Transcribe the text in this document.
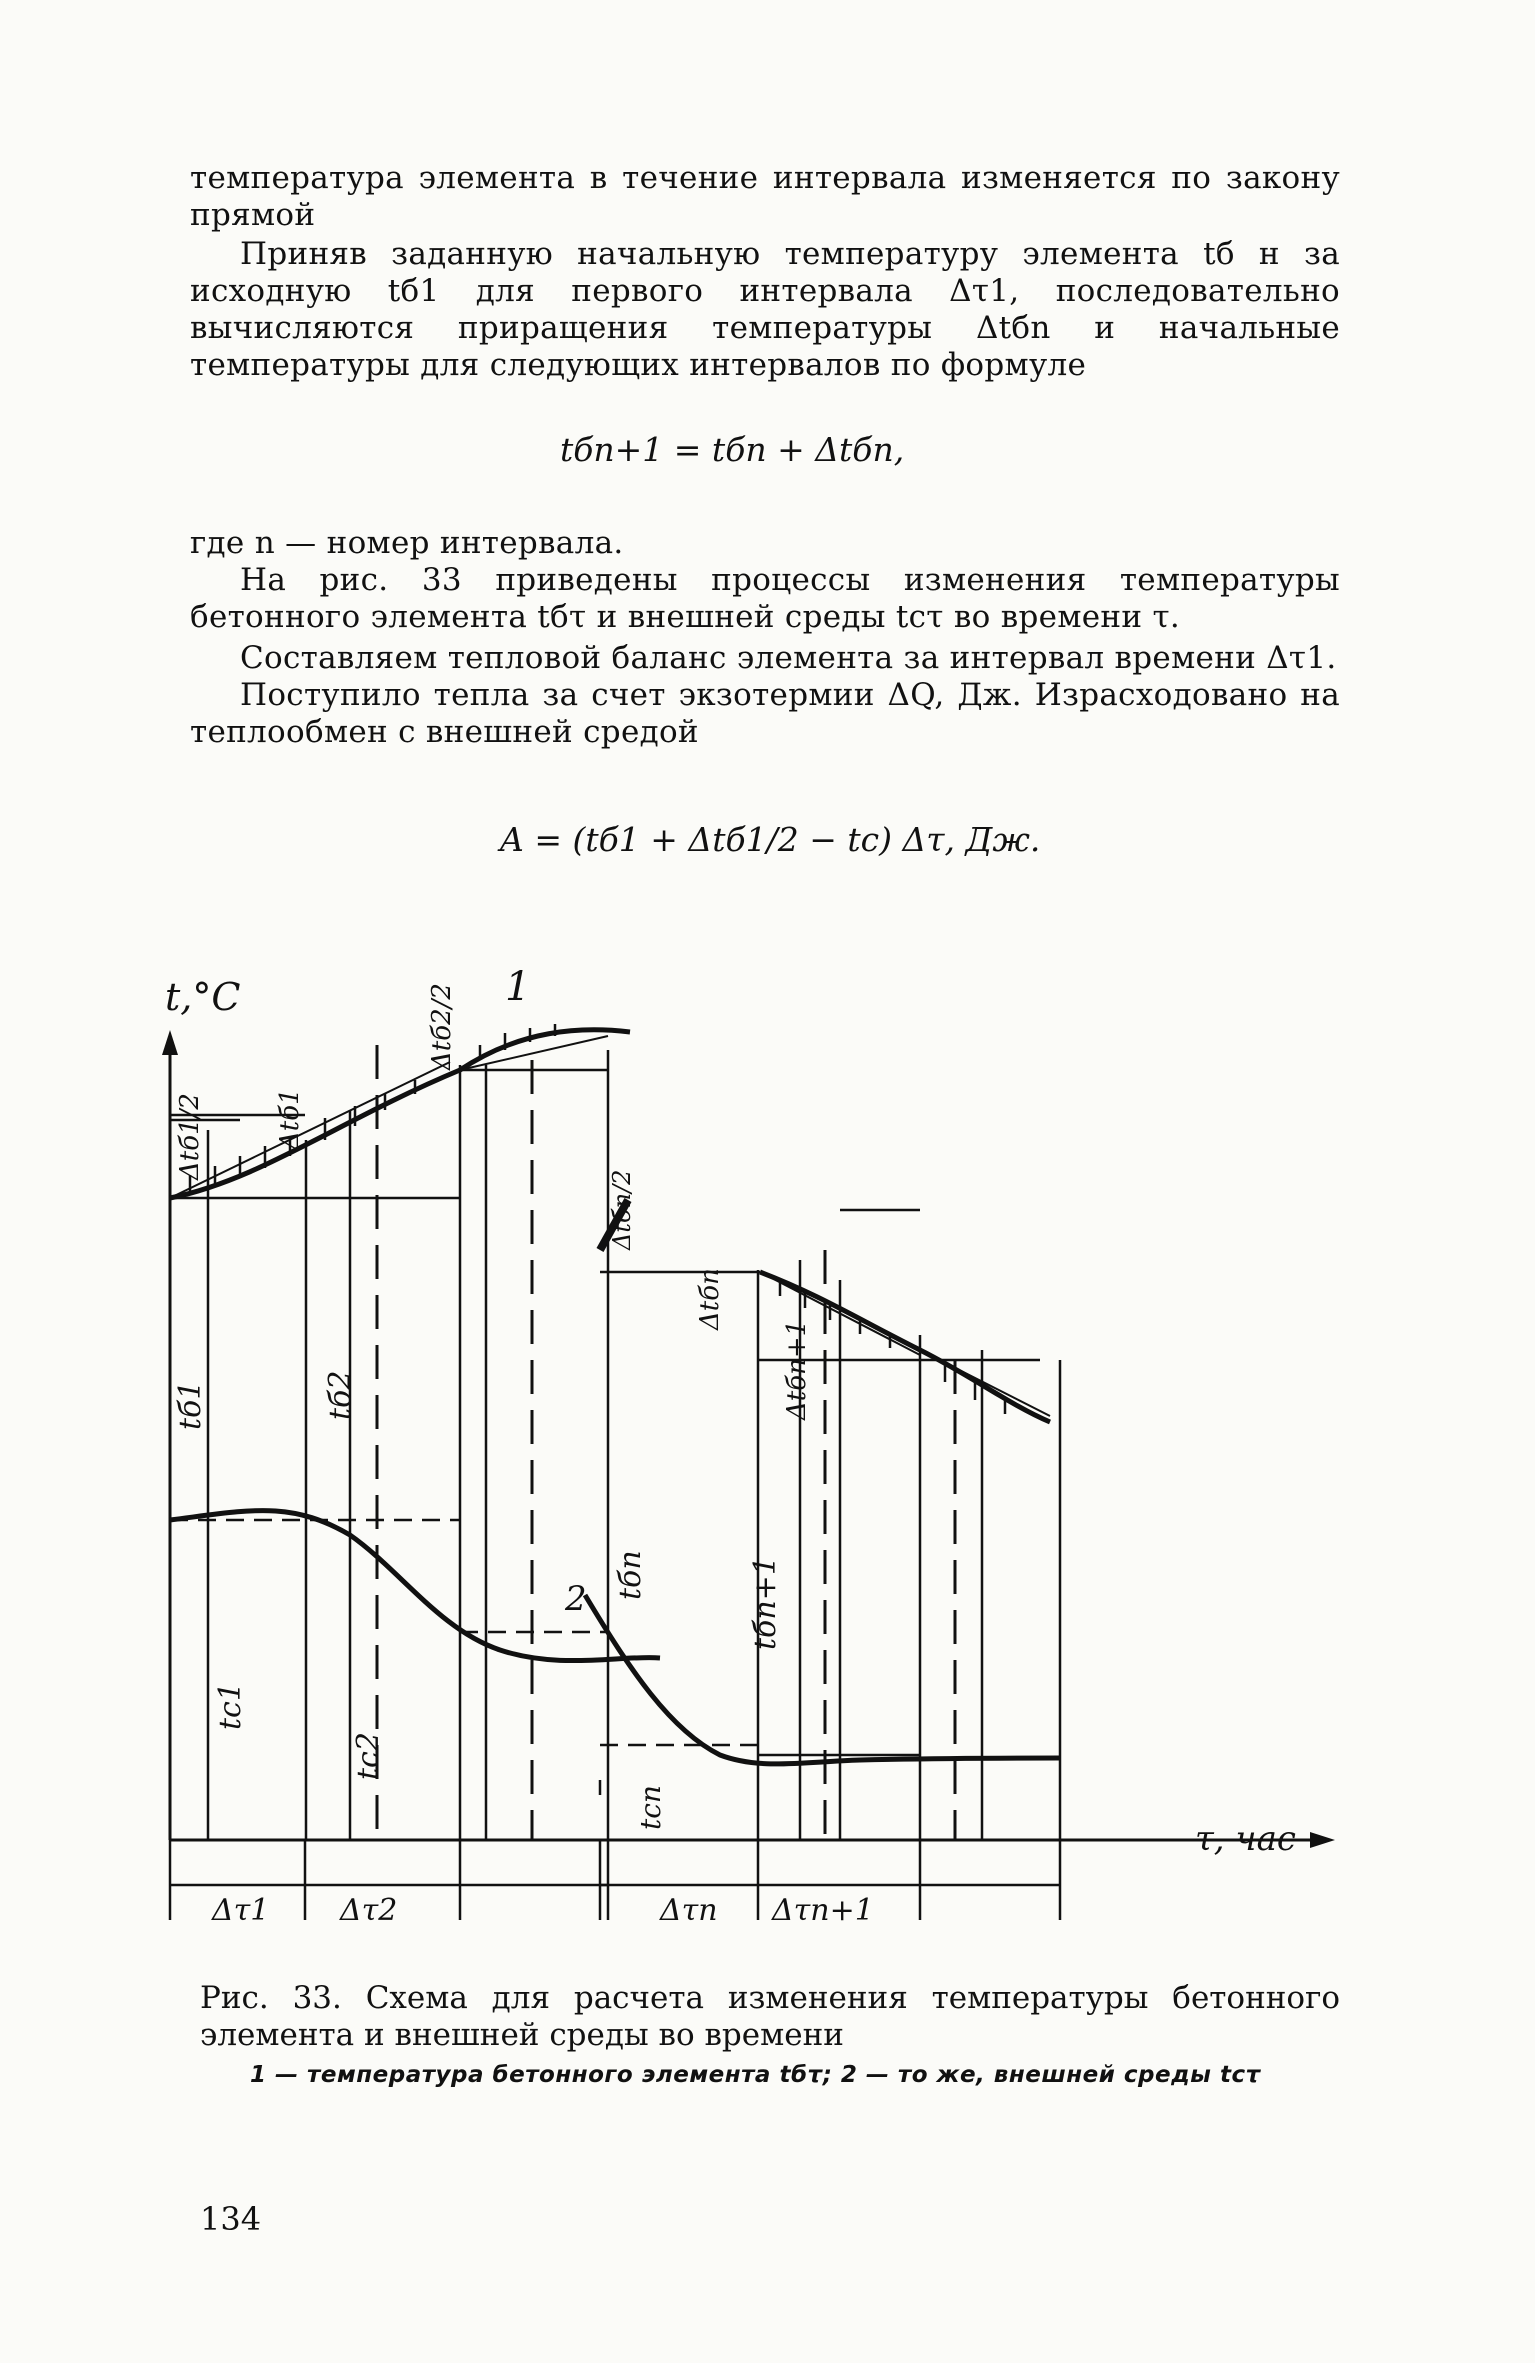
температура элемента в течение интервала изменяется по закону прямой

Приняв заданную начальную температуру элемента tб н за исходную tб1 для первого интервала Δτ1, последовательно вычисляются приращения температуры Δtбn и начальные температуры для следующих интервалов по формуле

tбn+1 = tбn + Δtбn,

где n — номер интервала.

На рис. 33 приведены процессы изменения температуры бетонного элемента tбτ и внешней среды tcτ во времени τ.

Составляем тепловой баланс элемента за интервал времени Δτ1.

Поступило тепла за счет экзотермии ΔQ, Дж. Израсходовано на теплообмен с внешней средой

A = (tб1 + Δtб1/2 − tc) Δτ, Дж.
t,°C
τ, час
1
2
Δtб1/2	Δtб1
Δtб2/2
tб1	tб2
tc1
tc2
Δτ1 Δτ2
Δtбn/2
Δtбn
Δtбn+1
tбn	tбn+1
tcn
Δτn Δτn+1

Рис. 33. Схема для расчета изменения температуры бетонного элемента и внешней среды во времени

1 — температура бетонного элемента tбτ; 2 — то же, внешней среды tcτ

134
